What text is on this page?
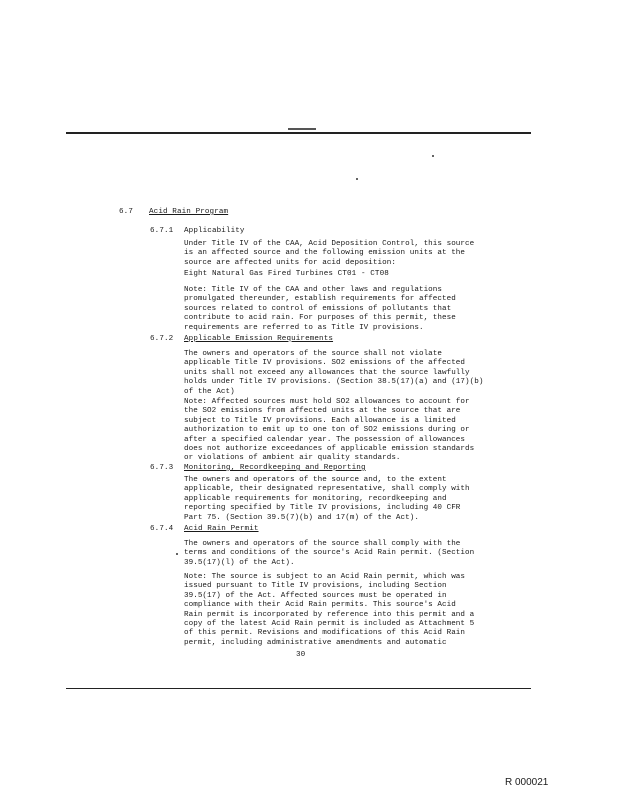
6.7 Acid Rain Program
6.7.1 Applicability
Under Title IV of the CAA, Acid Deposition Control, this source
is an affected source and the following emission units at the
source are affected units for acid deposition:
Eight Natural Gas Fired Turbines CT01 - CT08
Note: Title IV of the CAA and other laws and regulations
promulgated thereunder, establish requirements for affected
sources related to control of emissions of pollutants that
contribute to acid rain. For purposes of this permit, these
requirements are referred to as Title IV provisions.
6.7.2 Applicable Emission Requirements
The owners and operators of the source shall not violate
applicable Title IV provisions. SO2 emissions of the affected
units shall not exceed any allowances that the source lawfully
holds under Title IV provisions. (Section 38.5(17)(a) and (17)(b)
of the Act)
Note: Affected sources must hold SO2 allowances to account for
the SO2 emissions from affected units at the source that are
subject to Title IV provisions. Each allowance is a limited
authorization to emit up to one ton of SO2 emissions during or
after a specified calendar year. The possession of allowances
does not authorize exceedances of applicable emission standards
or violations of ambient air quality standards.
6.7.3 Monitoring, Recordkeeping and Reporting
The owners and operators of the source and, to the extent
applicable, their designated representative, shall comply with
applicable requirements for monitoring, recordkeeping and
reporting specified by Title IV provisions, including 40 CFR
Part 75. (Section 39.5(7)(b) and 17(m) of the Act).
6.7.4 Acid Rain Permit
The owners and operators of the source shall comply with the
terms and conditions of the source's Acid Rain permit. (Section
39.5(17)(l) of the Act).
Note: The source is subject to an Acid Rain permit, which was
issued pursuant to Title IV provisions, including Section
39.5(17) of the Act. Affected sources must be operated in
compliance with their Acid Rain permits. This source's Acid
Rain permit is incorporated by reference into this permit and a
copy of the latest Acid Rain permit is included as Attachment 5
of this permit. Revisions and modifications of this Acid Rain
permit, including administrative amendments and automatic
30
R 000021
